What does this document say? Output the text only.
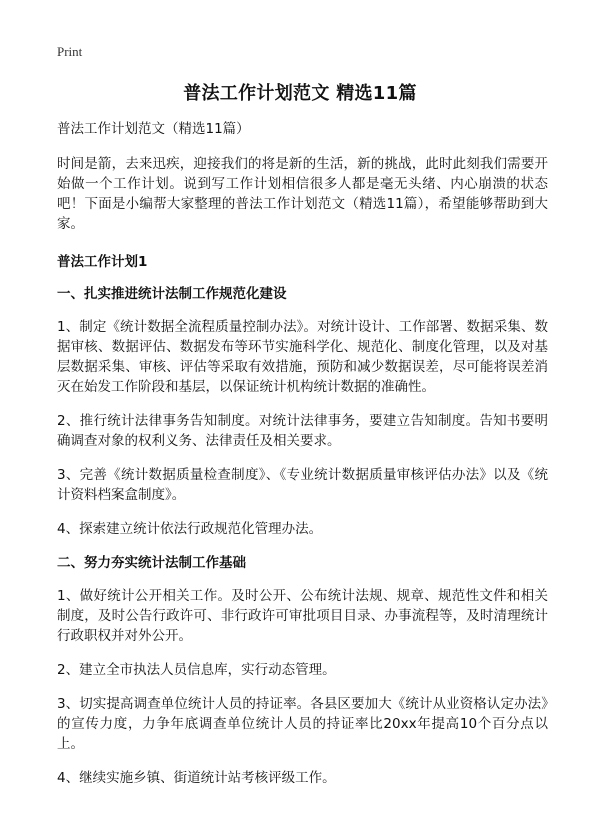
Print
普法工作计划范文 精选11篇

普法工作计划范文（精选11篇）

时间是箭，去来迅疾，迎接我们的将是新的生活，新的挑战，此时此刻我们需要开始做一个工作计划。说到写工作计划相信很多人都是毫无头绪、内心崩溃的状态吧！下面是小编帮大家整理的普法工作计划范文（精选11篇），希望能够帮助到大家。

普法工作计划1

一、扎实推进统计法制工作规范化建设

1、制定《统计数据全流程质量控制办法》。对统计设计、工作部署、数据采集、数据审核、数据评估、数据发布等环节实施科学化、规范化、制度化管理，以及对基层数据采集、审核、评估等采取有效措施，预防和减少数据误差，尽可能将误差消灭在始发工作阶段和基层，以保证统计机构统计数据的准确性。

2、推行统计法律事务告知制度。对统计法律事务，要建立告知制度。告知书要明确调查对象的权利义务、法律责任及相关要求。

3、完善《统计数据质量检查制度》、《专业统计数据质量审核评估办法》以及《统计资料档案盒制度》。

4、探索建立统计依法行政规范化管理办法。

二、努力夯实统计法制工作基础

1、做好统计公开相关工作。及时公开、公布统计法规、规章、规范性文件和相关制度，及时公告行政许可、非行政许可审批项目目录、办事流程等，及时清理统计行政职权并对外公开。

2、建立全市执法人员信息库，实行动态管理。

3、切实提高调查单位统计人员的持证率。各县区要加大《统计从业资格认定办法》的宣传力度，力争年底调查单位统计人员的持证率比20xx年提高10个百分点以上。

4、继续实施乡镇、街道统计站考核评级工作。
